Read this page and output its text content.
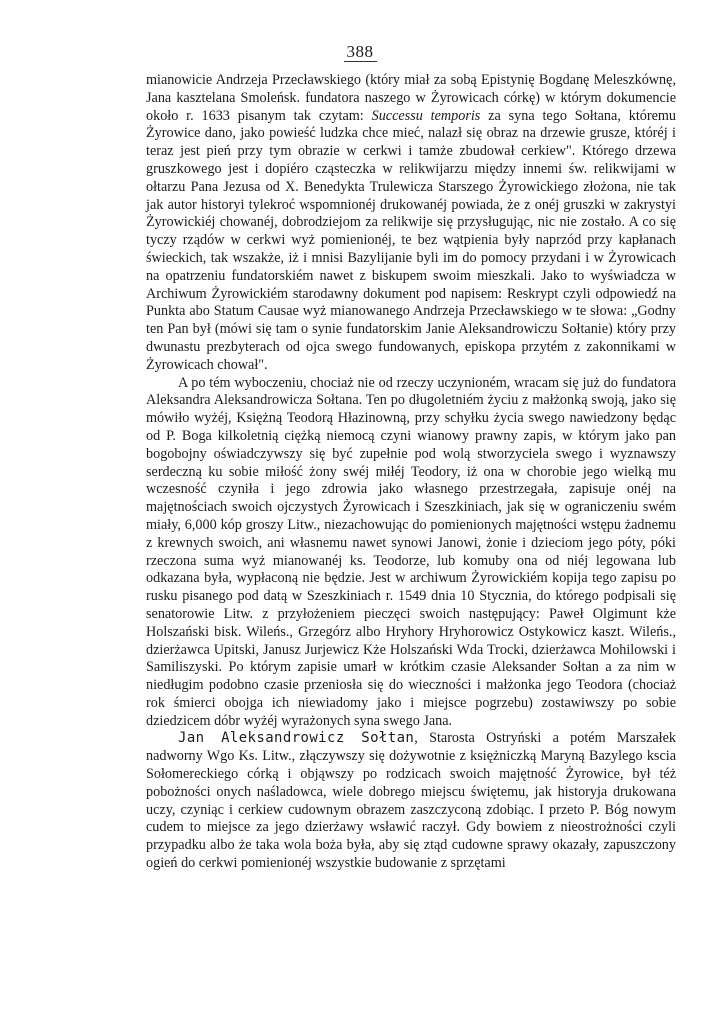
388

mianowicie Andrzeja Przecławskiego (który miał za sobą Epistynię Bogdanę Meleszkównę, Jana kasztelana Smoleńsk. fundatora naszego w Żyrowicach córkę) w którym dokumencie około r. 1633 pisanym tak czytam: Successu temporis za syna tego Sołtana, któremu Żyrowice dano, jako powieść ludzka chce mieć, nalazł się obraz na drzewie grusze, któréj i teraz jest pień przy tym obrazie w cerkwi i tamże zbudował cerkiew". Którego drzewa gruszkowego jest i dopiéro cząsteczka w relikwijarzu między innemi św. relikwijami w ołtarzu Pana Jezusa od X. Benedykta Trulewicza Starszego Żyrowickiego złożona, nie tak jak autor historyi tylekroć wspomnionéj drukowanéj powiada, że z onéj gruszki w zakrystyi Żyrowickiéj chowanéj, dobrodziejom za relikwije się przysługując, nic nie zostało. A co się tyczy rządów w cerkwi wyż pomienionéj, te bez wątpienia były naprzód przy kapłanach świeckich, tak wszakże, iż i mnisi Bazylijanie byli im do pomocy przydani i w Żyrowicach na opatrzeniu fundatorskiém nawet z biskupem swoim mieszkali. Jako to wyświadcza w Archiwum Żyrowickiém starodawny dokument pod napisem: Reskrypt czyli odpowiedź na Punkta abo Statum Causae wyż mianowanego Andrzeja Przecławskiego w te słowa: „Godny ten Pan był (mówi się tam o synie fundatorskim Janie Aleksandrowiczu Sołtanie) który przy dwunastu prezbyterach od ojca swego fundowanych, episkopa przytém z zakonnikami w Żyrowicach chował".

A po tém wyboczeniu, chociaż nie od rzeczy uczynioném, wracam się już do fundatora Aleksandra Aleksandrowicza Sołtana. Ten po długoletniém życiu z małżonką swoją, jako się mówiło wyżéj, Księżną Teodorą Hłazinowną, przy schyłku życia swego nawiedzony będąc od P. Boga kilkoletnią ciężką niemocą czyni wianowy prawny zapis, w którym jako pan bogobojny oświadczywszy się być zupełnie pod wolą stworzyciela swego i wyznawszy serdeczną ku sobie miłość żony swéj miłéj Teodory, iż ona w chorobie jego wielką mu wczesność czyniła i jego zdrowia jako własnego przestrzegała, zapisuje onéj na majętnościach swoich ojczystych Żyrowicach i Szeszkiniach, jak się w ograniczeniu swém miały, 6,000 kóp groszy Litw., niezachowując do pomienionych majętności wstępu żadnemu z krewnych swoich, ani własnemu nawet synowi Janowi, żonie i dzieciom jego póty, póki rzeczona suma wyż mianowanéj ks. Teodorze, lub komuby ona od niéj legowana lub odkazana była, wypłaconą nie będzie. Jest w archiwum Żyrowickiém kopija tego zapisu po rusku pisanego pod datą w Szeszkiniach r. 1549 dnia 10 Stycznia, do którego podpisali się senatorowie Litw. z przyłożeniem pieczęci swoich następujący: Paweł Olgimunt kże Holszański bisk. Wileńs., Grzegórz albo Hryhory Hryhorowicz Ostykowicz kaszt. Wileńs., dzierżawca Upitski, Janusz Jurjewicz Kże Holszański Wda Trocki, dzierżawca Mohilowski i Samiliszyski. Po którym zapisie umarł w krótkim czasie Aleksander Sołtan a za nim w niedługim podobno czasie przeniosła się do wieczności i małżonka jego Teodora (chociaż rok śmierci obojga ich niewiadomy jako i miejsce pogrzebu) zostawiwszy po sobie dziedzicem dóbr wyżéj wyrażonych syna swego Jana.

Jan Aleksandrowicz Sołtan, Starosta Ostryński a potém Marszałek nadworny Wgo Ks. Litw., złączywszy się dożywotnie z księżniczką Maryną Bazylego kscia Sołomereckiego córką i objąwszy po rodzicach swoich majętność Żyrowice, był téż pobożności onych naśladowca, wiele dobrego miejscu świętemu, jak historyja drukowana uczy, czyniąc i cerkiew cudownym obrazem zaszczyconą zdobiąc. I przeto P. Bóg nowym cudem to miejsce za jego dzierżawy wsławić raczył. Gdy bowiem z nieostrożności czyli przypadku albo że taka wola boża była, aby się ztąd cudowne sprawy okazały, zapuszczony ogień do cerkwi pomienionéj wszystkie budowanie z sprzętami
